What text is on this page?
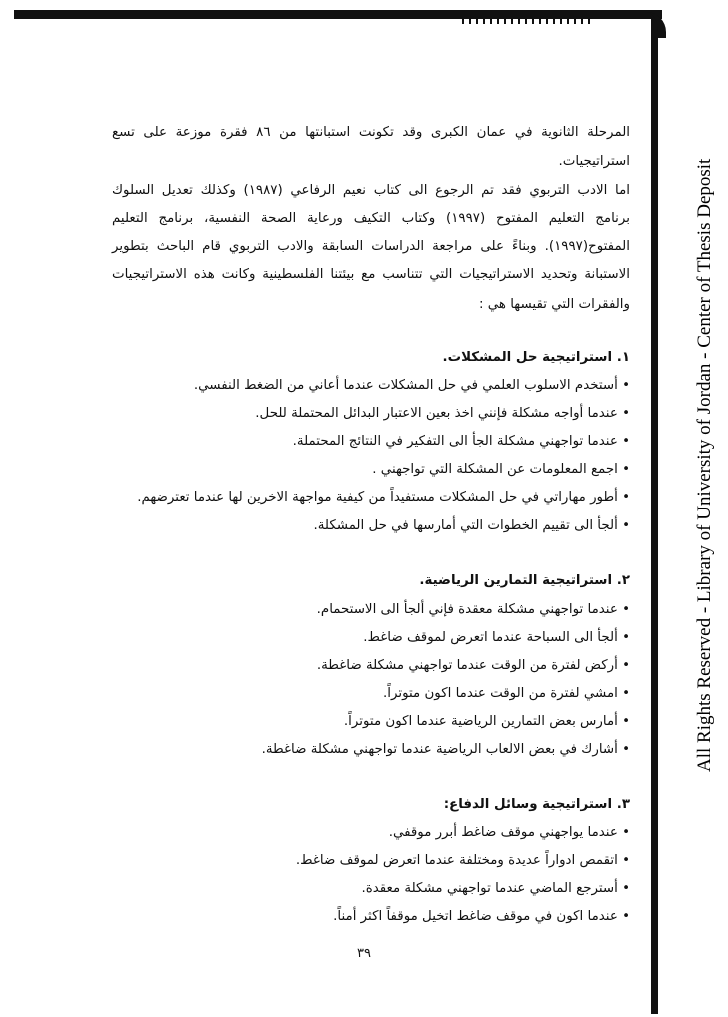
All Rights Reserved - Library of University of Jordan - Center of Thesis Deposit
المرحلة الثانوية في عمان الكبرى وقد تكونت استبانتها من ٨٦ فقرة موزعة على تسع
استراتيجيات.
اما الادب التربوي فقد تم الرجوع الى كتاب نعيم الرفاعي (١٩٨٧) وكذلك تعديل السلوك
برنامج التعليم المفتوح (١٩٩٧) وكتاب التكيف ورعاية الصحة النفسية، برنامج التعليم
المفتوح(١٩٩٧). وبناءً على مراجعة الدراسات السابقة والادب التربوي قام الباحث بتطوير
الاستبانة وتحديد الاستراتيجيات التي تتناسب مع بيئتنا الفلسطينية وكانت هذه الاستراتيجيات
والفقرات التي تقيسها هي :
١. استراتيجية حل المشكلات.
• أستخدم الاسلوب العلمي في حل المشكلات عندما أعاني من الضغط النفسي.
• عندما أواجه مشكلة فإنني اخذ بعين الاعتبار البدائل المحتملة للحل.
• عندما تواجهني مشكلة الجأ الى التفكير في النتائج المحتملة.
• اجمع المعلومات عن المشكلة التي تواجهني .
• أطور مهاراتي في حل المشكلات مستفيداً من كيفية مواجهة الاخرين لها عندما تعترضهم.
• ألجأ الى تقييم الخطوات التي أمارسها في حل المشكلة.
٢. استراتيجية التمارين الرياضية.
• عندما تواجهني مشكلة معقدة فإني ألجأ الى الاستحمام.
• ألجأ الى السباحة عندما اتعرض لموقف ضاغط.
• أركض لفترة من الوقت عندما تواجهني مشكلة ضاغطة.
• امشي لفترة من الوقت عندما اكون متوتراً.
• أمارس بعض التمارين الرياضية عندما اكون متوتراً.
• أشارك في بعض الالعاب الرياضية عندما تواجهني مشكلة ضاغطة.
٣. استراتيجية وسائل الدفاع:
• عندما يواجهني موقف ضاغط أبرر موقفي.
• اتقمص ادواراً عديدة ومختلفة عندما اتعرض لموقف ضاغط.
• أسترجع الماضي عندما تواجهني مشكلة معقدة.
• عندما اكون في موقف ضاغط اتخيل موقفاً اكثر أمناً.
٣٩
